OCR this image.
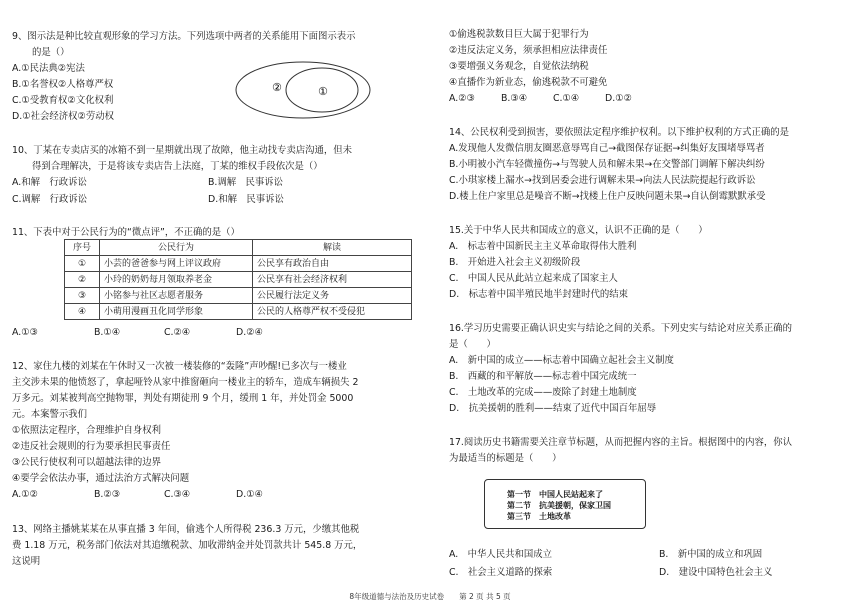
9、图示法是种比较直观形象的学习方法。下列选项中两者的关系能用下面图示表示
的是（）
A.①民法典②宪法
B.①名誉权②人格尊严权
C.①受教育权②文化权利
D.①社会经济权②劳动权
②	①
10、丁某在专卖店买的冰箱不到一星期就出现了故障，他主动找专卖店沟通，但未
得到合理解决，于是将该专卖店告上法庭，丁某的维权手段依次是（）
A.和解　行政诉讼	B.调解　民事诉讼
C.调解　行政诉讼	D.和解　民事诉讼
11、下表中对于公民行为的“微点评”，不正确的是（）
序号	公民行为	解读
①	小芸的爸爸参与网上评议政府	公民享有政治自由
②	小玲的奶奶每月领取养老金	公民享有社会经济权利
③	小铭参与社区志愿者服务	公民履行法定义务
④	小萌用漫画丑化同学形象	公民的人格尊严权不受侵犯
A.①③	B.①④	C.②④	D.②④
12、家住九楼的刘某在午休时又一次被一楼装修的“轰隆”声吵醒!已多次与一楼业
主交涉未果的他愤怒了，拿起哑铃从家中推窗砸向一楼业主的轿车，造成车辆损失 2
万多元。刘某被判高空抛物罪，判处有期徒刑 9 个月，缓刑 1 年，并处罚金 5000
元。本案警示我们
①依照法定程序，合理维护自身权利
②违反社会规则的行为要承担民事责任
③公民行使权利可以超越法律的边界
④要学会依法办事，通过法治方式解决问题
A.①②	B.②③	C.③④	D.①④
13、网络主播姚某某在从事直播 3 年间，偷逃个人所得税 236.3 万元，少缴其他税
费 1.18 万元，税务部门依法对其追缴税款、加收滞纳金并处罚款共计 545.8 万元，
这说明
①偷逃税款数目巨大属于犯罪行为
②违反法定义务，须承担相应法律责任
③要增强义务观念，自觉依法纳税
④直播作为新业态，偷逃税款不可避免
A.②③	B.③④	C.①④	D.①②
14、公民权利受到损害，要依照法定程序维护权利。以下维护权利的方式正确的是
A.发现他人发微信朋友圈恶意辱骂自己→截图保存证据→纠集好友围堵辱骂者
B.小明被小汽车轻微撞伤→与驾驶人员和解未果→在交警部门调解下解决纠纷
C.小琪家楼上漏水→找到居委会进行调解未果→向法人民法院提起行政诉讼
D.楼上住户家里总是噪音不断→找楼上住户反映问题未果→自认倒霉默默承受
15.关于中华人民共和国成立的意义，认识不正确的是（　　）
A.　标志着中国新民主主义革命取得伟大胜利
B.　开始进入社会主义初级阶段
C.　中国人民从此站立起来成了国家主人
D.　标志着中国半殖民地半封建时代的结束
16.学习历史需要正确认识史实与结论之间的关系。下列史实与结论对应关系正确的
是（　　）
A.　新中国的成立——标志着中国确立起社会主义制度
B.　西藏的和平解放——标志着中国完成统一
C.　土地改革的完成——废除了封建土地制度
D.　抗美援朝的胜利——结束了近代中国百年屈辱
17.阅读历史书籍需要关注章节标题，从而把握内容的主旨。根据图中的内容，你认
为最适当的标题是（　　）
第一节　中国人民站起来了
第二节　抗美援朝，保家卫国
第三节　土地改革
A.　中华人民共和国成立	B.　新中国的成立和巩固
C.　社会主义道路的探索	D.　建设中国特色社会主义
8年级道德与法治及历史试卷　　第 2 页 共 5 页
